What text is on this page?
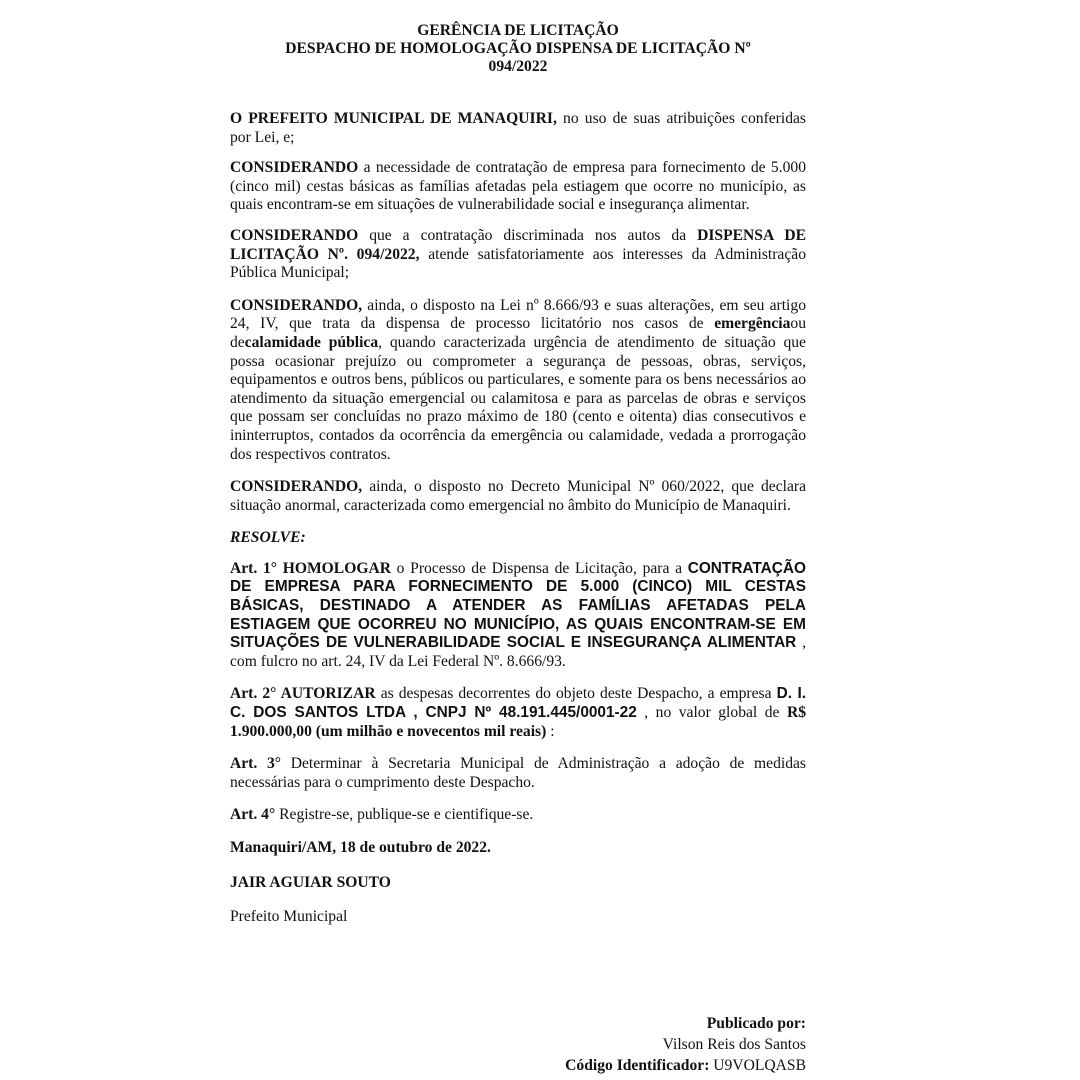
GERÊNCIA DE LICITAÇÃO
DESPACHO DE HOMOLOGAÇÃO DISPENSA DE LICITAÇÃO Nº
094/2022

O PREFEITO MUNICIPAL DE MANAQUIRI, no uso de suas atribuições conferidas por Lei, e;

CONSIDERANDO a necessidade de contratação de empresa para fornecimento de 5.000 (cinco mil) cestas básicas as famílias afetadas pela estiagem que ocorre no município, as quais encontram-se em situações de vulnerabilidade social e insegurança alimentar.

CONSIDERANDO que a contratação discriminada nos autos da DISPENSA DE LICITAÇÃO Nº. 094/2022, atende satisfatoriamente aos interesses da Administração Pública Municipal;

CONSIDERANDO, ainda, o disposto na Lei nº 8.666/93 e suas alterações, em seu artigo 24, IV, que trata da dispensa de processo licitatório nos casos de emergênciaou decalamidade pública, quando caracterizada urgência de atendimento de situação que possa ocasionar prejuízo ou comprometer a segurança de pessoas, obras, serviços, equipamentos e outros bens, públicos ou particulares, e somente para os bens necessários ao atendimento da situação emergencial ou calamitosa e para as parcelas de obras e serviços que possam ser concluídas no prazo máximo de 180 (cento e oitenta) dias consecutivos e ininterruptos, contados da ocorrência da emergência ou calamidade, vedada a prorrogação dos respectivos contratos.

CONSIDERANDO, ainda, o disposto no Decreto Municipal Nº 060/2022, que declara situação anormal, caracterizada como emergencial no âmbito do Município de Manaquiri.

RESOLVE:

Art. 1° HOMOLOGAR o Processo de Dispensa de Licitação, para a CONTRATAÇÃO DE EMPRESA PARA FORNECIMENTO DE 5.000 (CINCO) MIL CESTAS BÁSICAS, DESTINADO A ATENDER AS FAMÍLIAS AFETADAS PELA ESTIAGEM QUE OCORREU NO MUNICÍPIO, AS QUAIS ENCONTRAM-SE EM SITUAÇÕES DE VULNERABILIDADE SOCIAL E INSEGURANÇA ALIMENTAR , com fulcro no art. 24, IV da Lei Federal Nº. 8.666/93.

Art. 2° AUTORIZAR as despesas decorrentes do objeto deste Despacho, a empresa D. I. C. DOS SANTOS LTDA , CNPJ Nº 48.191.445/0001-22 , no valor global de R$ 1.900.000,00 (um milhão e novecentos mil reais) :

Art. 3° Determinar à Secretaria Municipal de Administração a adoção de medidas necessárias para o cumprimento deste Despacho.

Art. 4° Registre-se, publique-se e cientifique-se.

Manaquiri/AM, 18 de outubro de 2022.
JAIR AGUIAR SOUTO
Prefeito Municipal
Publicado por:
Vilson Reis dos Santos
Código Identificador: U9VOLQASB
